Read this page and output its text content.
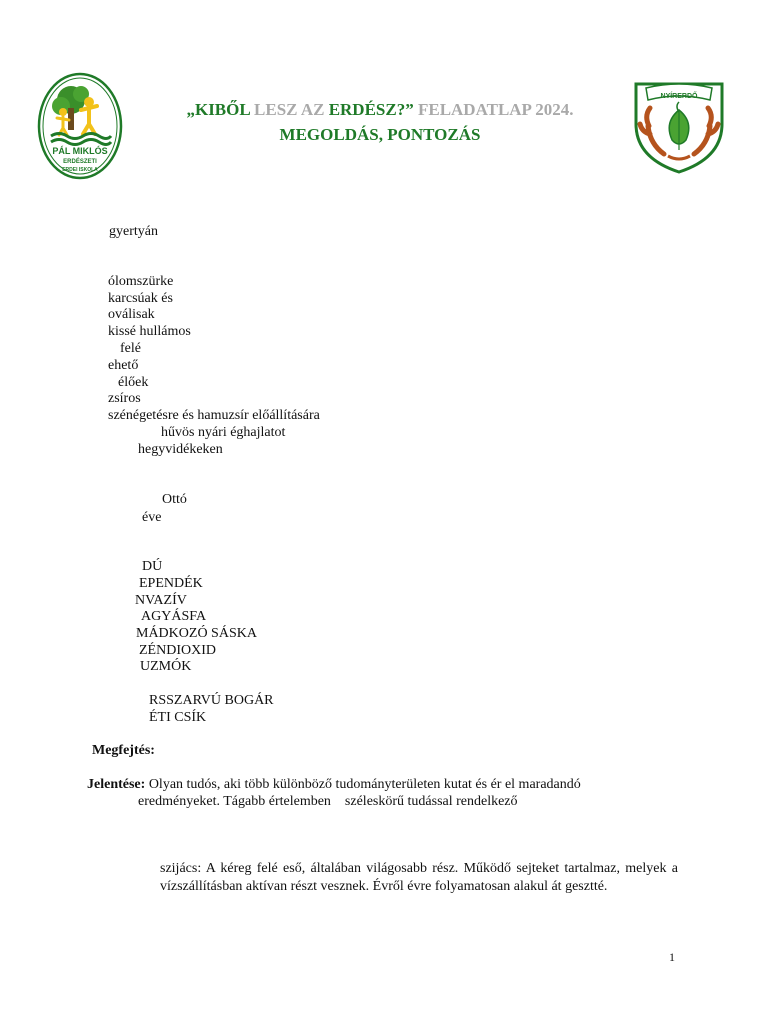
PÁL MIKLÓS
ERDÉSZETI
ERDEI ISKOLA
„KIBŐL LESZ AZ ERDÉSZ?” FELADATLAP 2024.
MEGOLDÁS, PONTOZÁS
NYÍRERDŐ
gyertyán
ólomszürke
karcsúak és
oválisak
kissé hullámos
felé
ehető
élőek
zsíros
szénégetésre és hamuzsír előállítására
hűvös nyári éghajlatot
hegyvidékeken
Ottó
éve
DÚ
EPENDÉK
NVAZÍV
AGYÁSFA
MÁDKOZÓ SÁSKA
ZÉNDIOXID
UZMÓK
RSSZARVÚ BOGÁR
ÉTI CSÍK
Megfejtés:
Jelentése: Olyan tudós, aki több különböző tudományterületen kutat és ér el maradandó
eredményeket. Tágabb értelemben    széleskörű tudással rendelkező
szijács: A kéreg felé eső, általában világosabb rész. Működő sejteket tartalmaz, melyek a vízszállításban aktívan részt vesznek. Évről évre folyamatosan alakul át gesztté.
1
